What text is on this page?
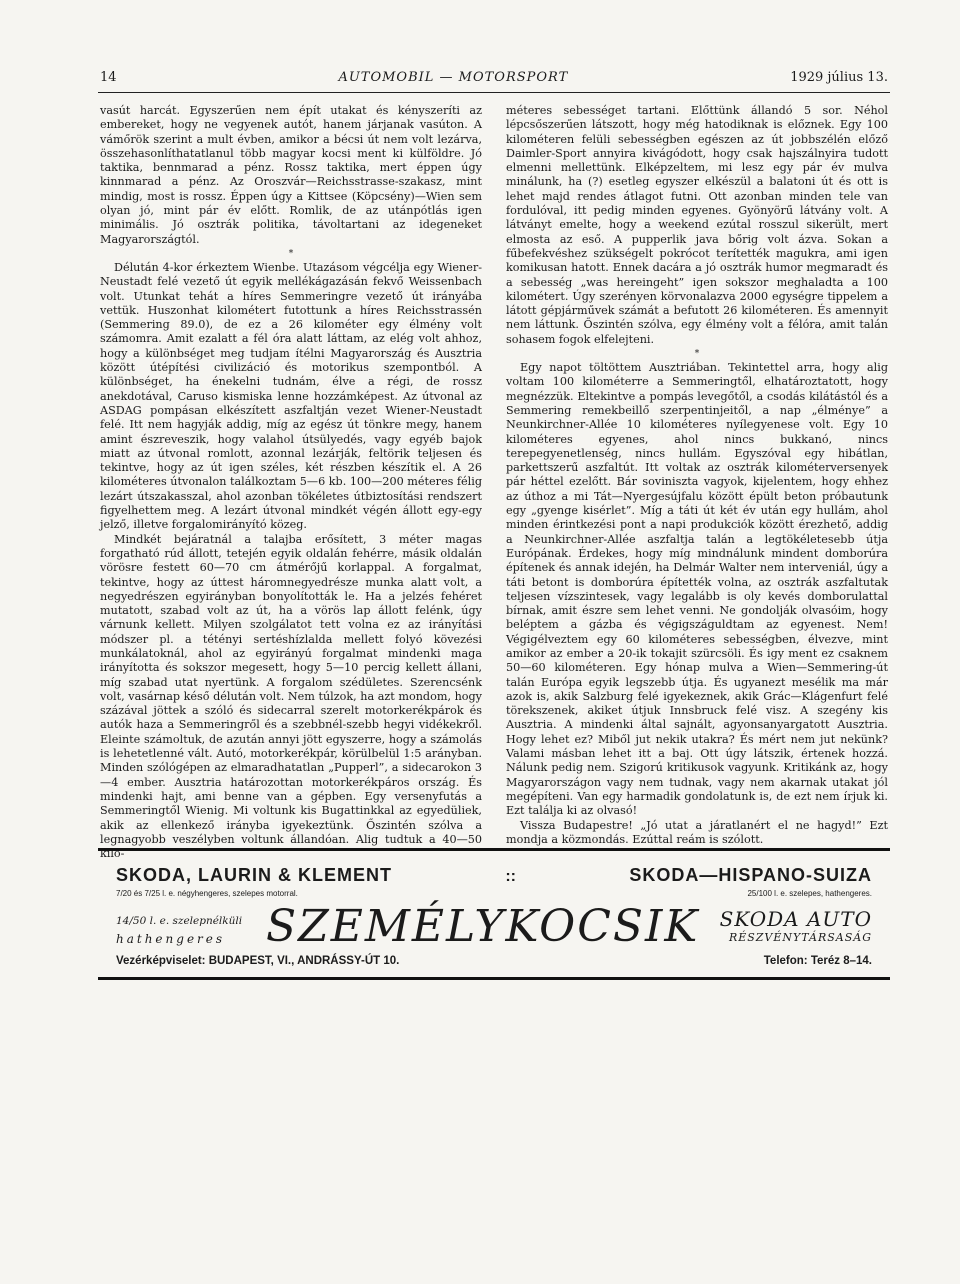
14	AUTOMOBIL — MOTORSPORT	1929 július 13.

vasút harcát. Egyszerűen nem épít utakat és kényszeríti az embereket, hogy ne vegyenek autót, hanem járjanak vasúton. A vámőrök szerint a mult évben, amikor a bécsi út nem volt lezárva, összehasonlíthatatlanul több magyar kocsi ment ki külföldre. Jó taktika, bennmarad a pénz. Rossz taktika, mert éppen úgy kinnmarad a pénz. Az Oroszvár—Reichsstrasse-szakasz, mint mindig, most is rossz. Éppen úgy a Kittsee (Köpcsény)—Wien sem olyan jó, mint pár év előtt. Romlik, de az utánpótlás igen minimális. Jó osztrák politika, távoltartani az idegeneket Magyarországtól.

*

Délután 4-kor érkeztem Wienbe. Utazásom végcélja egy Wiener-Neustadt felé vezető út egyik mellékágazásán fekvő Weissenbach volt. Utunkat tehát a híres Semmeringre vezető út irányába vettük. Huszonhat kilométert futottunk a híres Reichsstrassén (Semmering 89.0), de ez a 26 kilométer egy élmény volt számomra. Amit ezalatt a fél óra alatt láttam, az elég volt ahhoz, hogy a különbséget meg tudjam ítélni Magyarország és Ausztria között útépítési civilizáció és motorikus szempontból. A különbséget, ha énekelni tudnám, élve a régi, de rossz anekdotával, Caruso kismiska lenne hozzámképest. Az útvonal az ASDAG pompásan elkészített aszfaltján vezet Wiener-Neustadt felé. Itt nem hagyják addig, míg az egész út tönkre megy, hanem amint észreveszik, hogy valahol útsülyedés, vagy egyéb bajok miatt az útvonal romlott, azonnal lezárják, feltörik teljesen és tekintve, hogy az út igen széles, két részben készítik el. A 26 kilométeres útvonalon találkoztam 5—6 kb. 100—200 méteres félig lezárt útszakasszal, ahol azonban tökéletes útbiztosítási rendszert figyelhettem meg. A lezárt útvonal mindkét végén állott egy-egy jelző, illetve forgalomirányító közeg.

Mindkét bejáratnál a talajba erősített, 3 méter magas forgatható rúd állott, tetején egyik oldalán fehérre, másik oldalán vörösre festett 60—70 cm átmérőjű korlappal. A forgalmat, tekintve, hogy az úttest háromnegyedrésze munka alatt volt, a negyedrészen egyirányban bonyolították le. Ha a jelzés fehéret mutatott, szabad volt az út, ha a vörös lap állott felénk, úgy várnunk kellett. Milyen szolgálatot tett volna ez az irányítási módszer pl. a tétényi sertéshízlalda mellett folyó kövezési munkálatoknál, ahol az egyirányú forgalmat mindenki maga irányította és sokszor megesett, hogy 5—10 percig kellett állani, míg szabad utat nyertünk. A forgalom szédületes. Szerencsénk volt, vasárnap késő délután volt. Nem túlzok, ha azt mondom, hogy százával jöttek a szóló és sidecarral szerelt motorkerékpárok és autók haza a Semmeringről és a szebbnél-szebb hegyi vidékekről. Eleinte számoltuk, de azután annyi jött egyszerre, hogy a számolás is lehetetlenné vált. Autó, motorkerékpár, körülbelül 1:5 arányban. Minden szólógépen az elmaradhatatlan „Pupperl”, a sidecarokon 3—4 ember. Ausztria határozottan motorkerékpáros ország. És mindenki hajt, ami benne van a gépben. Egy versenyfutás a Semmeringtől Wienig. Mi voltunk kis Bugattinkkal az egyedüliek, akik az ellenkező irányba igyekeztünk. Őszintén szólva a legnagyobb veszélyben voltunk állandóan. Alig tudtuk a 40—50 kilo-

méteres sebességet tartani. Előttünk állandó 5 sor. Néhol lépcsőszerűen látszott, hogy még hatodiknak is előznek. Egy 100 kilométeren felüli sebességben egészen az út jobbszélén előző Daimler-Sport annyira kivágódott, hogy csak hajszálnyira tudott elmenni mellettünk. Elképzeltem, mi lesz egy pár év mulva minálunk, ha (?) esetleg egyszer elkészül a balatoni út és ott is lehet majd rendes átlagot futni. Ott azonban minden tele van fordulóval, itt pedig minden egyenes. Gyönyörű látvány volt. A látványt emelte, hogy a weekend ezútal rosszul sikerült, mert elmosta az eső. A pupperlik java bőrig volt ázva. Sokan a fűbefekvéshez szükségelt pokrócot terítették magukra, ami igen komikusan hatott. Ennek dacára a jó osztrák humor megmaradt és a sebesség „was hereingeht” igen sokszor meghaladta a 100 kilométert. Úgy szerényen körvonalazva 2000 egységre tippelem a látott gépjárművek számát a befutott 26 kilométeren. És amennyit nem láttunk. Őszintén szólva, egy élmény volt a félóra, amit talán sohasem fogok elfelejteni.

*

Egy napot töltöttem Ausztriában. Tekintettel arra, hogy alig voltam 100 kilométerre a Semmeringtől, elhatároztatott, hogy megnézzük. Eltekintve a pompás levegőtől, a csodás kilátástól és a Semmering remekbeillő szerpentinjeitől, a nap „élménye” a Neunkirchner-Allée 10 kilométeres nyílegyenese volt. Egy 10 kilométeres egyenes, ahol nincs bukkanó, nincs terepegyenetlenség, nincs hullám. Egyszóval egy hibátlan, parkettszerű aszfaltút. Itt voltak az osztrák kilométerversenyek pár héttel ezelőtt. Bár soviniszta vagyok, kijelentem, hogy ehhez az úthoz a mi Tát—Nyergesújfalu között épült beton próbautunk egy „gyenge kisérlet”. Míg a táti út két év után egy hullám, ahol minden érintkezési pont a napi produkciók között érezhető, addig a Neunkirchner-Allée aszfaltja talán a legtökéletesebb útja Európának. Érdekes, hogy míg mindnálunk mindent domborúra építenek és annak idején, ha Delmár Walter nem interveniál, úgy a táti betont is domborúra építették volna, az osztrák aszfaltutak teljesen vízszintesek, vagy legalább is oly kevés domborulattal bírnak, amit észre sem lehet venni. Ne gondolják olvasóim, hogy beléptem a gázba és végigszáguldtam az egyenest. Nem! Végigélveztem egy 60 kilométeres sebességben, élvezve, mint amikor az ember a 20-ik tokajit szürcsöli. És igy ment ez csaknem 50—60 kilométeren. Egy hónap mulva a Wien—Semmering-út talán Európa egyik legszebb útja. És ugyanezt mesélik ma már azok is, akik Salzburg felé igyekeznek, akik Grác—Klágenfurt felé törekszenek, akiket útjuk Innsbruck felé visz. A szegény kis Ausztria. A mindenki által sajnált, agyonsanyargatott Ausztria. Hogy lehet ez? Miből jut nekik utakra? És mért nem jut nekünk? Valami másban lehet itt a baj. Ott úgy látszik, értenek hozzá. Nálunk pedig nem. Szigorú kritikusok vagyunk. Kritikánk az, hogy Magyarországon vagy nem tudnak, vagy nem akarnak utakat jól megépíteni. Van egy harmadik gondolatunk is, de ezt nem írjuk ki. Ezt találja ki az olvasó!

Vissza Budapestre! „Jó utat a járatlanért el ne hagyd!” Ezt mondja a közmondás. Ezúttal reám is szólott.

SKODA, LAURIN & KLEMENT	::	SKODA—HISPANO-SUIZA
7/20 és 7/25 l. e. négyhengeres, szelepes motorral.	25/100 l. e. szelepes, hathengeres.
14/50 l. e. szelepnélküli
hathengeres SZEMÉLYKOCSIK SKODA AUTO
RÉSZVÉNYTÁRSASÁG
Vezérképviselet: BUDAPEST, VI., ANDRÁSSY-ÚT 10.	Telefon: Teréz 8–14.
